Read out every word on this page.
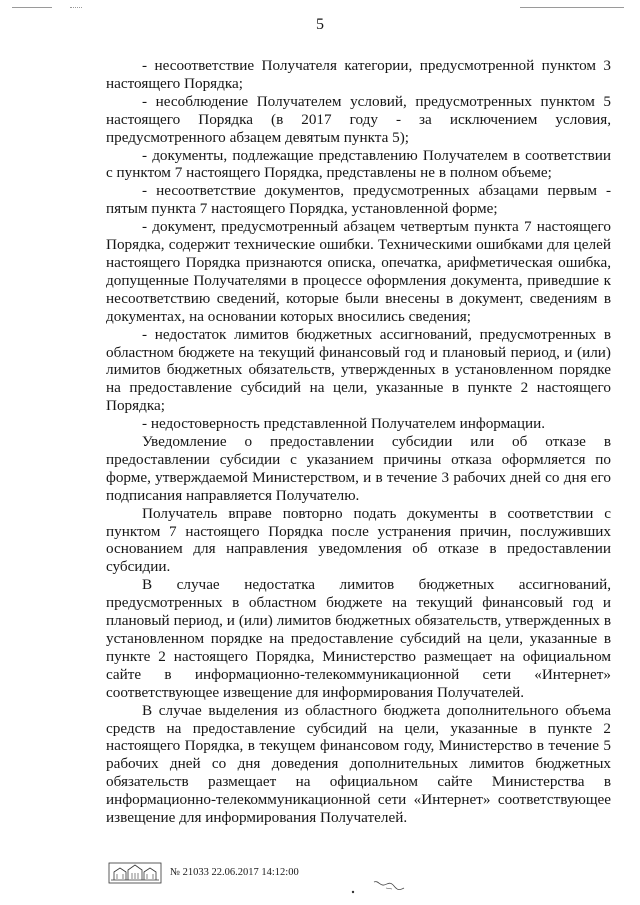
5

- несоответствие Получателя категории, предусмотренной пунктом 3 настоящего Порядка;

- несоблюдение Получателем условий, предусмотренных пунктом 5 настоящего Порядка (в 2017 году - за исключением условия, предусмотренного абзацем девятым пункта 5);

- документы, подлежащие представлению Получателем в соответствии с пунктом 7 настоящего Порядка, представлены не в полном объеме;

- несоответствие документов, предусмотренных абзацами первым - пятым пункта 7 настоящего Порядка, установленной форме;

- документ, предусмотренный абзацем четвертым пункта 7 настоящего Порядка, содержит технические ошибки. Техническими ошибками для целей настоящего Порядка признаются описка, опечатка, арифметическая ошибка, допущенные Получателями в процессе оформления документа, приведшие к несоответствию сведений, которые были внесены в документ, сведениям в документах, на основании которых вносились сведения;

- недостаток лимитов бюджетных ассигнований, предусмотренных в областном бюджете на текущий финансовый год и плановый период, и (или) лимитов бюджетных обязательств, утвержденных в установленном порядке на предоставление субсидий на цели, указанные в пункте 2 настоящего Порядка;

- недостоверность представленной Получателем информации.

Уведомление о предоставлении субсидии или об отказе в предоставлении субсидии с указанием причины отказа оформляется по форме, утверждаемой Министерством, и в течение 3 рабочих дней со дня его подписания направляется Получателю.

Получатель вправе повторно подать документы в соответствии с пунктом 7 настоящего Порядка после устранения причин, послуживших основанием для направления уведомления об отказе в предоставлении субсидии.

В случае недостатка лимитов бюджетных ассигнований, предусмотренных в областном бюджете на текущий финансовый год и плановый период, и (или) лимитов бюджетных обязательств, утвержденных в установленном порядке на предоставление субсидий на цели, указанные в пункте 2 настоящего Порядка, Министерство размещает на официальном сайте в информационно-телекоммуникационной сети «Интернет» соответствующее извещение для информирования Получателей.

В случае выделения из областного бюджета дополнительного объема средств на предоставление субсидий на цели, указанные в пункте 2 настоящего Порядка, в текущем финансовом году, Министерство в течение 5 рабочих дней со дня доведения дополнительных лимитов бюджетных обязательств размещает на официальном сайте Министерства в информационно-телекоммуникационной сети «Интернет» соответствующее извещение для информирования Получателей.

№ 21033 22.06.2017 14:12:00
